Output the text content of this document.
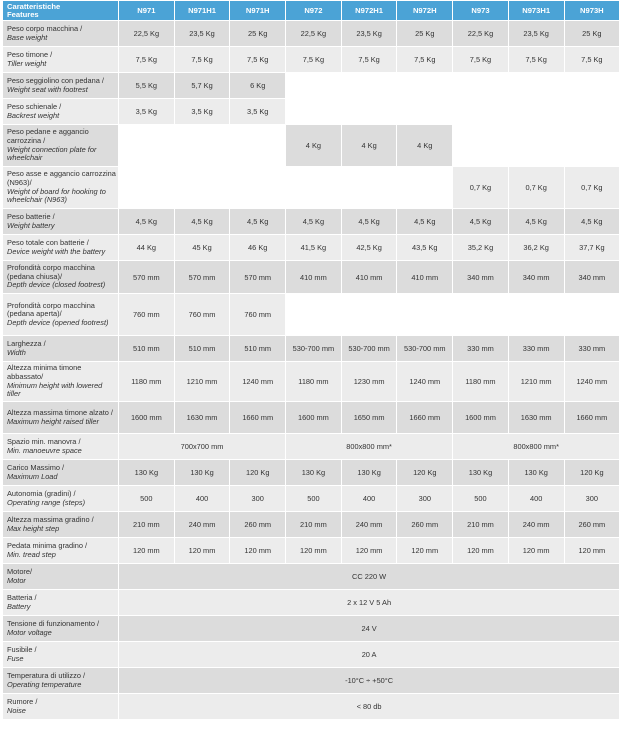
Caratteristiche
Features	N971	N971H1	N971H	N972	N972H1	N972H	N973	N973H1	N973H
Peso corpo macchina /
Base weight	22,5 Kg	23,5 Kg	25 Kg	22,5 Kg	23,5 Kg	25 Kg	22,5 Kg	23,5 Kg	25 Kg
Peso timone /
Tiller weight	7,5 Kg	7,5 Kg	7,5 Kg	7,5 Kg	7,5 Kg	7,5 Kg	7,5 Kg	7,5 Kg	7,5 Kg
Peso seggiolino con pedana /
Weight seat with footrest	5,5 Kg	5,7 Kg	6 Kg						
Peso schienale /
Backrest weight	3,5 Kg	3,5 Kg	3,5 Kg						
Peso pedane e aggancio carrozzina /
Weight connection plate for wheelchair				4 Kg	4 Kg	4 Kg			
Peso asse e aggancio carrozzina (N963)/
Weight of board for hooking to wheelchair (N963)							0,7 Kg	0,7 Kg	0,7 Kg
Peso batterie /
Weight battery	4,5 Kg	4,5 Kg	4,5 Kg	4,5 Kg	4,5 Kg	4,5 Kg	4,5 Kg	4,5 Kg	4,5 Kg
Peso totale con batterie /
Device weight with the battery	44 Kg	45 Kg	46 Kg	41,5 Kg	42,5 Kg	43,5 Kg	35,2 Kg	36,2 Kg	37,7 Kg
Profondità corpo macchina (pedana chiusa)/
Depth device (closed footrest)	570 mm	570 mm	570 mm	410 mm	410 mm	410 mm	340 mm	340 mm	340 mm
Profondità corpo macchina (pedana aperta)/
Depth device (opened footrest)	760 mm	760 mm	760 mm						
Larghezza /
Width	510 mm	510 mm	510 mm	530-700 mm	530-700 mm	530-700 mm	330 mm	330 mm	330 mm
Altezza minima timone abbassato/
Minimum height with lowered tiller	1180 mm	1210 mm	1240 mm	1180 mm	1230 mm	1240 mm	1180 mm	1210 mm	1240 mm
Altezza massima timone alzato /
Maximum height raised tiller	1600 mm	1630 mm	1660 mm	1600 mm	1650 mm	1660 mm	1600 mm	1630 mm	1660 mm
Spazio min. manovra /
Min. manoeuvre space	700x700 mm			800x800 mm*			800x800 mm*		
Carico Massimo /
Maximum Load	130 Kg	130 Kg	120 Kg	130 Kg	130 Kg	120 Kg	130 Kg	130 Kg	120 Kg
Autonomia (gradini) /
Operating range (steps)	500	400	300	500	400	300	500	400	300
Altezza massima gradino /
Max height step	210 mm	240 mm	260 mm	210 mm	240 mm	260 mm	210 mm	240 mm	260 mm
Pedata minima gradino /
Min. tread step	120 mm	120 mm	120 mm	120 mm	120 mm	120 mm	120 mm	120 mm	120 mm
Motore/
Motor	CC 220 W								
Batteria /
Battery	2 x 12 V 5 Ah								
Tensione di funzionamento /
Motor voltage	24 V								
Fusibile /
Fuse	20 A								
Temperatura di utilizzo /
Operating temperature	-10°C ÷ +50°C								
Rumore /
Noise	< 80 db								
